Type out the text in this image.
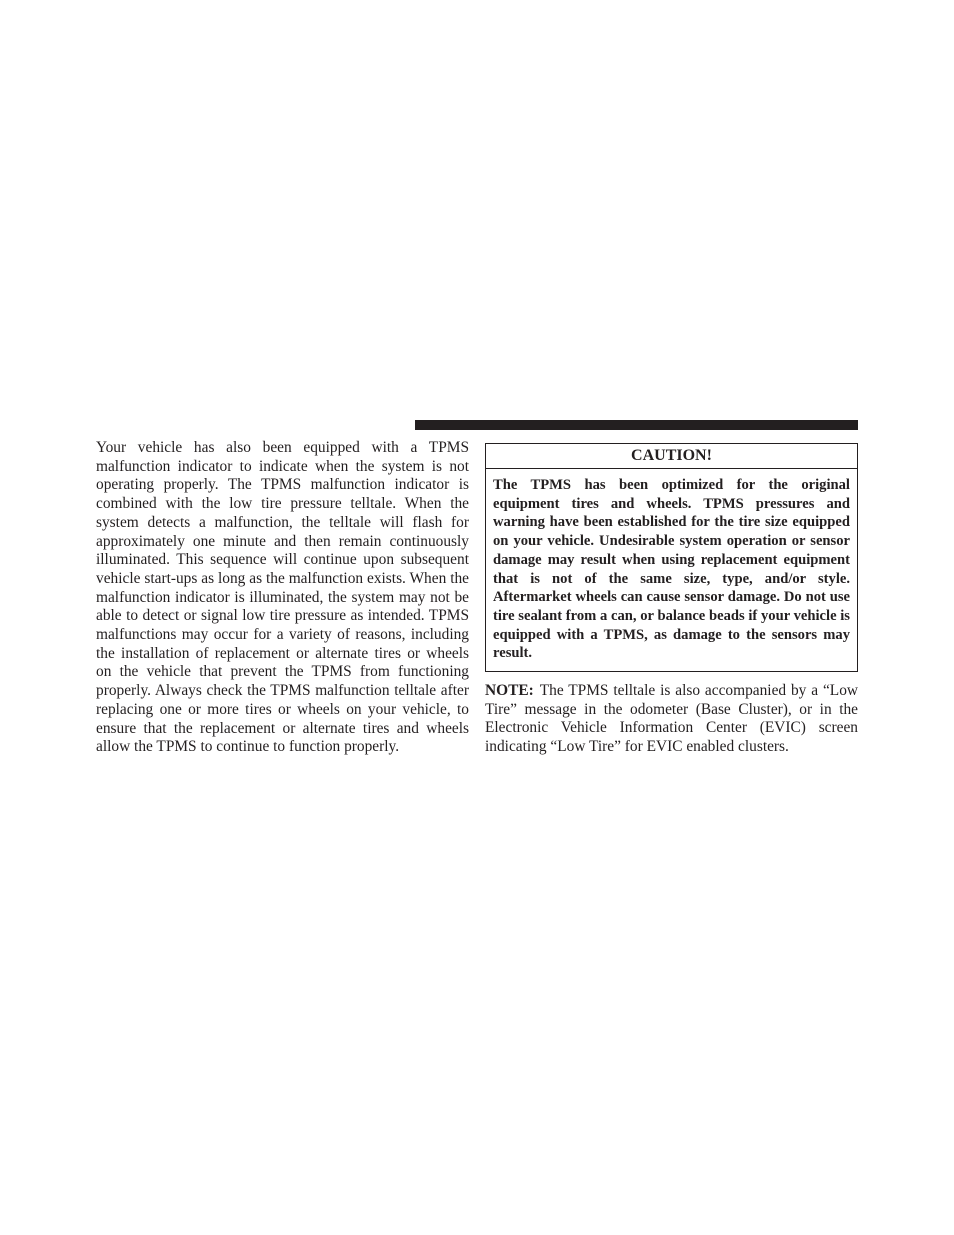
Your vehicle has also been equipped with a TPMS malfunction indicator to indicate when the system is not operating properly. The TPMS malfunction indicator is combined with the low tire pressure telltale. When the system detects a malfunction, the telltale will flash for approximately one minute and then remain continuously illuminated. This sequence will continue upon subsequent vehicle start-ups as long as the malfunction exists. When the malfunction indicator is illuminated, the system may not be able to detect or signal low tire pressure as intended. TPMS malfunctions may occur for a variety of reasons, including the installation of replacement or alternate tires or wheels on the vehicle that prevent the TPMS from functioning properly. Always check the TPMS malfunction telltale after replacing one or more tires or wheels on your vehicle, to ensure that the replacement or alternate tires and wheels allow the TPMS to continue to function properly.

CAUTION!

The TPMS has been optimized for the original equipment tires and wheels. TPMS pressures and warning have been established for the tire size equipped on your vehicle. Undesirable system operation or sensor damage may result when using replacement equipment that is not of the same size, type, and/or style. Aftermarket wheels can cause sensor damage. Do not use tire sealant from a can, or balance beads if your vehicle is equipped with a TPMS, as damage to the sensors may result.

NOTE: The TPMS telltale is also accompanied by a “Low Tire” message in the odometer (Base Cluster), or in the Electronic Vehicle Information Center (EVIC) screen indicating “Low Tire” for EVIC enabled clusters.
